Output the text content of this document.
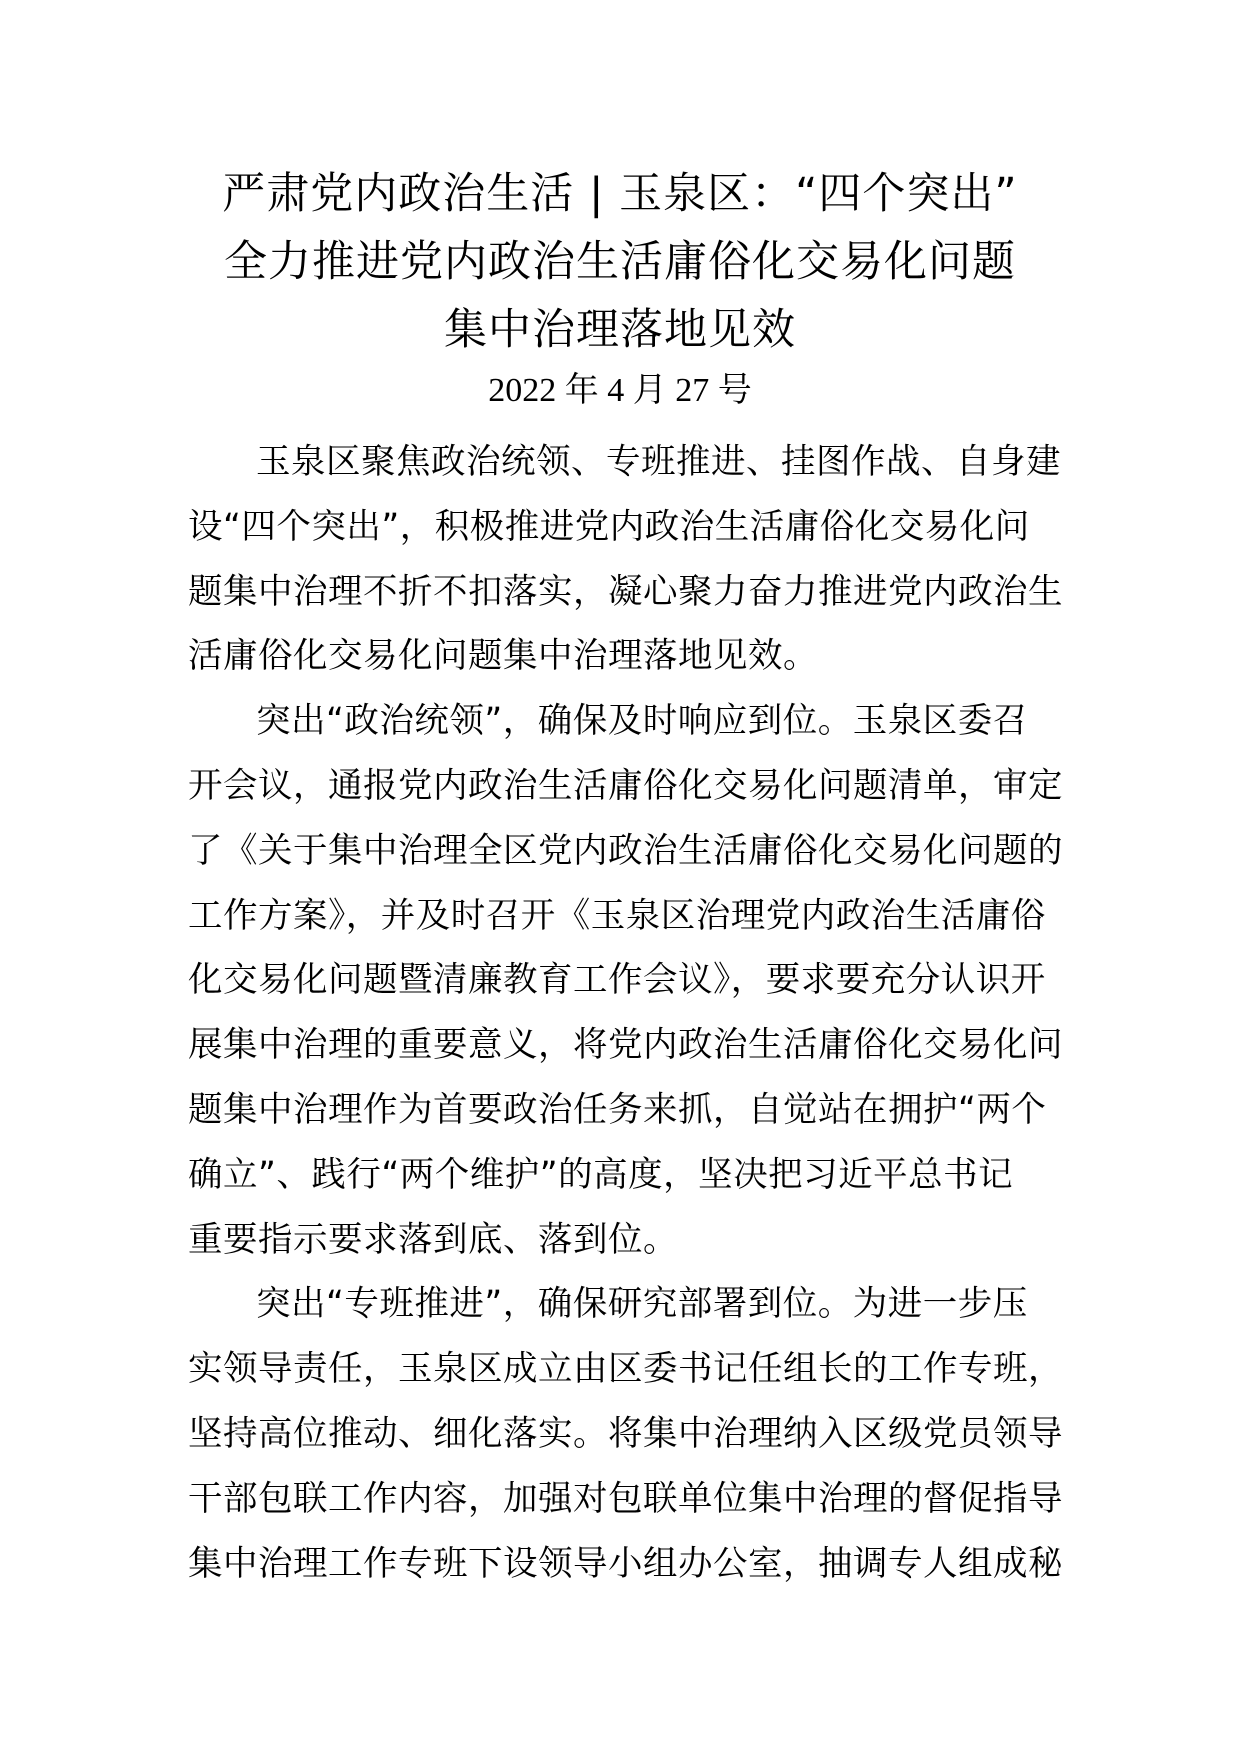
严肃党内政治生活 | 玉泉区：“四个突出”
全力推进党内政治生活庸俗化交易化问题
集中治理落地见效
2022 年 4 月 27 号
玉泉区聚焦政治统领、专班推进、挂图作战、自身建
设“四个突出”，积极推进党内政治生活庸俗化交易化问
题集中治理不折不扣落实，凝心聚力奋力推进党内政治生
活庸俗化交易化问题集中治理落地见效。
突出“政治统领”，确保及时响应到位。玉泉区委召
开会议，通报党内政治生活庸俗化交易化问题清单，审定
了《关于集中治理全区党内政治生活庸俗化交易化问题的
工作方案》，并及时召开《玉泉区治理党内政治生活庸俗
化交易化问题暨清廉教育工作会议》，要求要充分认识开
展集中治理的重要意义，将党内政治生活庸俗化交易化问
题集中治理作为首要政治任务来抓，自觉站在拥护“两个
确立”、践行“两个维护”的高度，坚决把习近平总书记
重要指示要求落到底、落到位。
突出“专班推进”，确保研究部署到位。为进一步压
实领导责任，玉泉区成立由区委书记任组长的工作专班，
坚持高位推动、细化落实。将集中治理纳入区级党员领导
干部包联工作内容，加强对包联单位集中治理的督促指导
集中治理工作专班下设领导小组办公室，抽调专人组成秘
